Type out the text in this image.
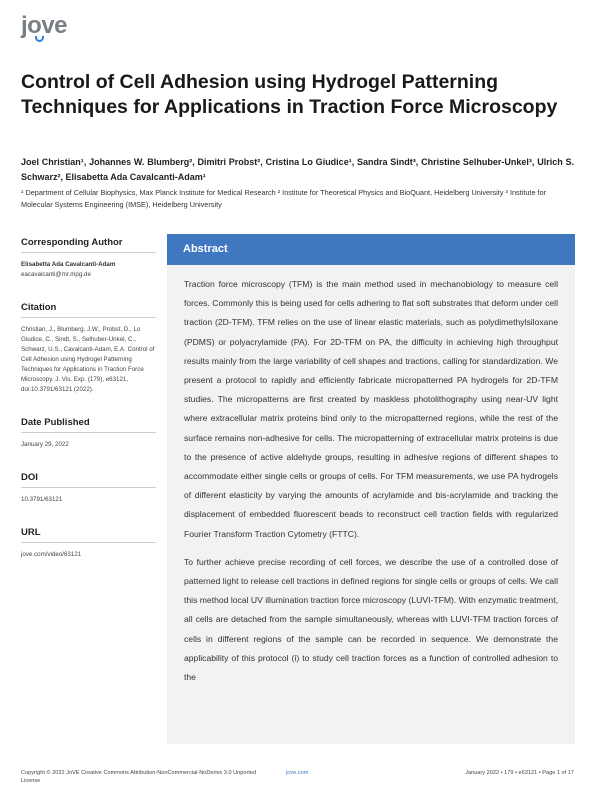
jove
Control of Cell Adhesion using Hydrogel Patterning Techniques for Applications in Traction Force Microscopy
Joel Christian¹, Johannes W. Blumberg², Dimitri Probst², Cristina Lo Giudice¹, Sandra Sindt³, Christine Selhuber-Unkel³, Ulrich S. Schwarz², Elisabetta Ada Cavalcanti-Adam¹
¹ Department of Cellular Biophysics, Max Planck Institute for Medical Research ² Institute for Theoretical Physics and BioQuant, Heidelberg University ³ Institute for Molecular Systems Engineering (IMSE), Heidelberg University
Corresponding Author
Elisabetta Ada Cavalcanti-Adam
eacavalcanti@mr.mpg.de
Citation
Christian, J., Blumberg, J.W., Probst, D., Lo Giudice, C., Sindt, S., Selhuber-Unkel, C., Schwarz, U.S., Cavalcanti-Adam, E.A. Control of Cell Adhesion using Hydrogel Patterning Techniques for Applications in Traction Force Microscopy. J. Vis. Exp. (179), e63121, doi:10.3791/63121 (2022).
Date Published
January 29, 2022
DOI
10.3791/63121
URL
jove.com/video/63121
Abstract

Traction force microscopy (TFM) is the main method used in mechanobiology to measure cell forces. Commonly this is being used for cells adhering to flat soft substrates that deform under cell traction (2D-TFM). TFM relies on the use of linear elastic materials, such as polydimethylsiloxane (PDMS) or polyacrylamide (PA). For 2D-TFM on PA, the difficulty in achieving high throughput results mainly from the large variability of cell shapes and tractions, calling for standardization. We present a protocol to rapidly and efficiently fabricate micropatterned PA hydrogels for 2D-TFM studies. The micropatterns are first created by maskless photolithography using near-UV light where extracellular matrix proteins bind only to the micropatterned regions, while the rest of the surface remains non-adhesive for cells. The micropatterning of extracellular matrix proteins is due to the presence of active aldehyde groups, resulting in adhesive regions of different shapes to accommodate either single cells or groups of cells. For TFM measurements, we use PA hydrogels of different elasticity by varying the amounts of acrylamide and bis-acrylamide and tracking the displacement of embedded fluorescent beads to reconstruct cell traction fields with regularized Fourier Transform Traction Cytometry (FTTC).

To further achieve precise recording of cell forces, we describe the use of a controlled dose of patterned light to release cell tractions in defined regions for single cells or groups of cells. We call this method local UV illumination traction force microscopy (LUVI-TFM). With enzymatic treatment, all cells are detached from the sample simultaneously, whereas with LUVI-TFM traction forces of cells in different regions of the sample can be recorded in sequence. We demonstrate the applicability of this protocol (i) to study cell traction forces as a function of controlled adhesion to the

Copyright © 2022 JoVE Creative Commons Attribution-NonCommercial-NoDerivs 3.0 Unported License
jove.com	January 2022 • 179 • e63121 • Page 1 of 17
